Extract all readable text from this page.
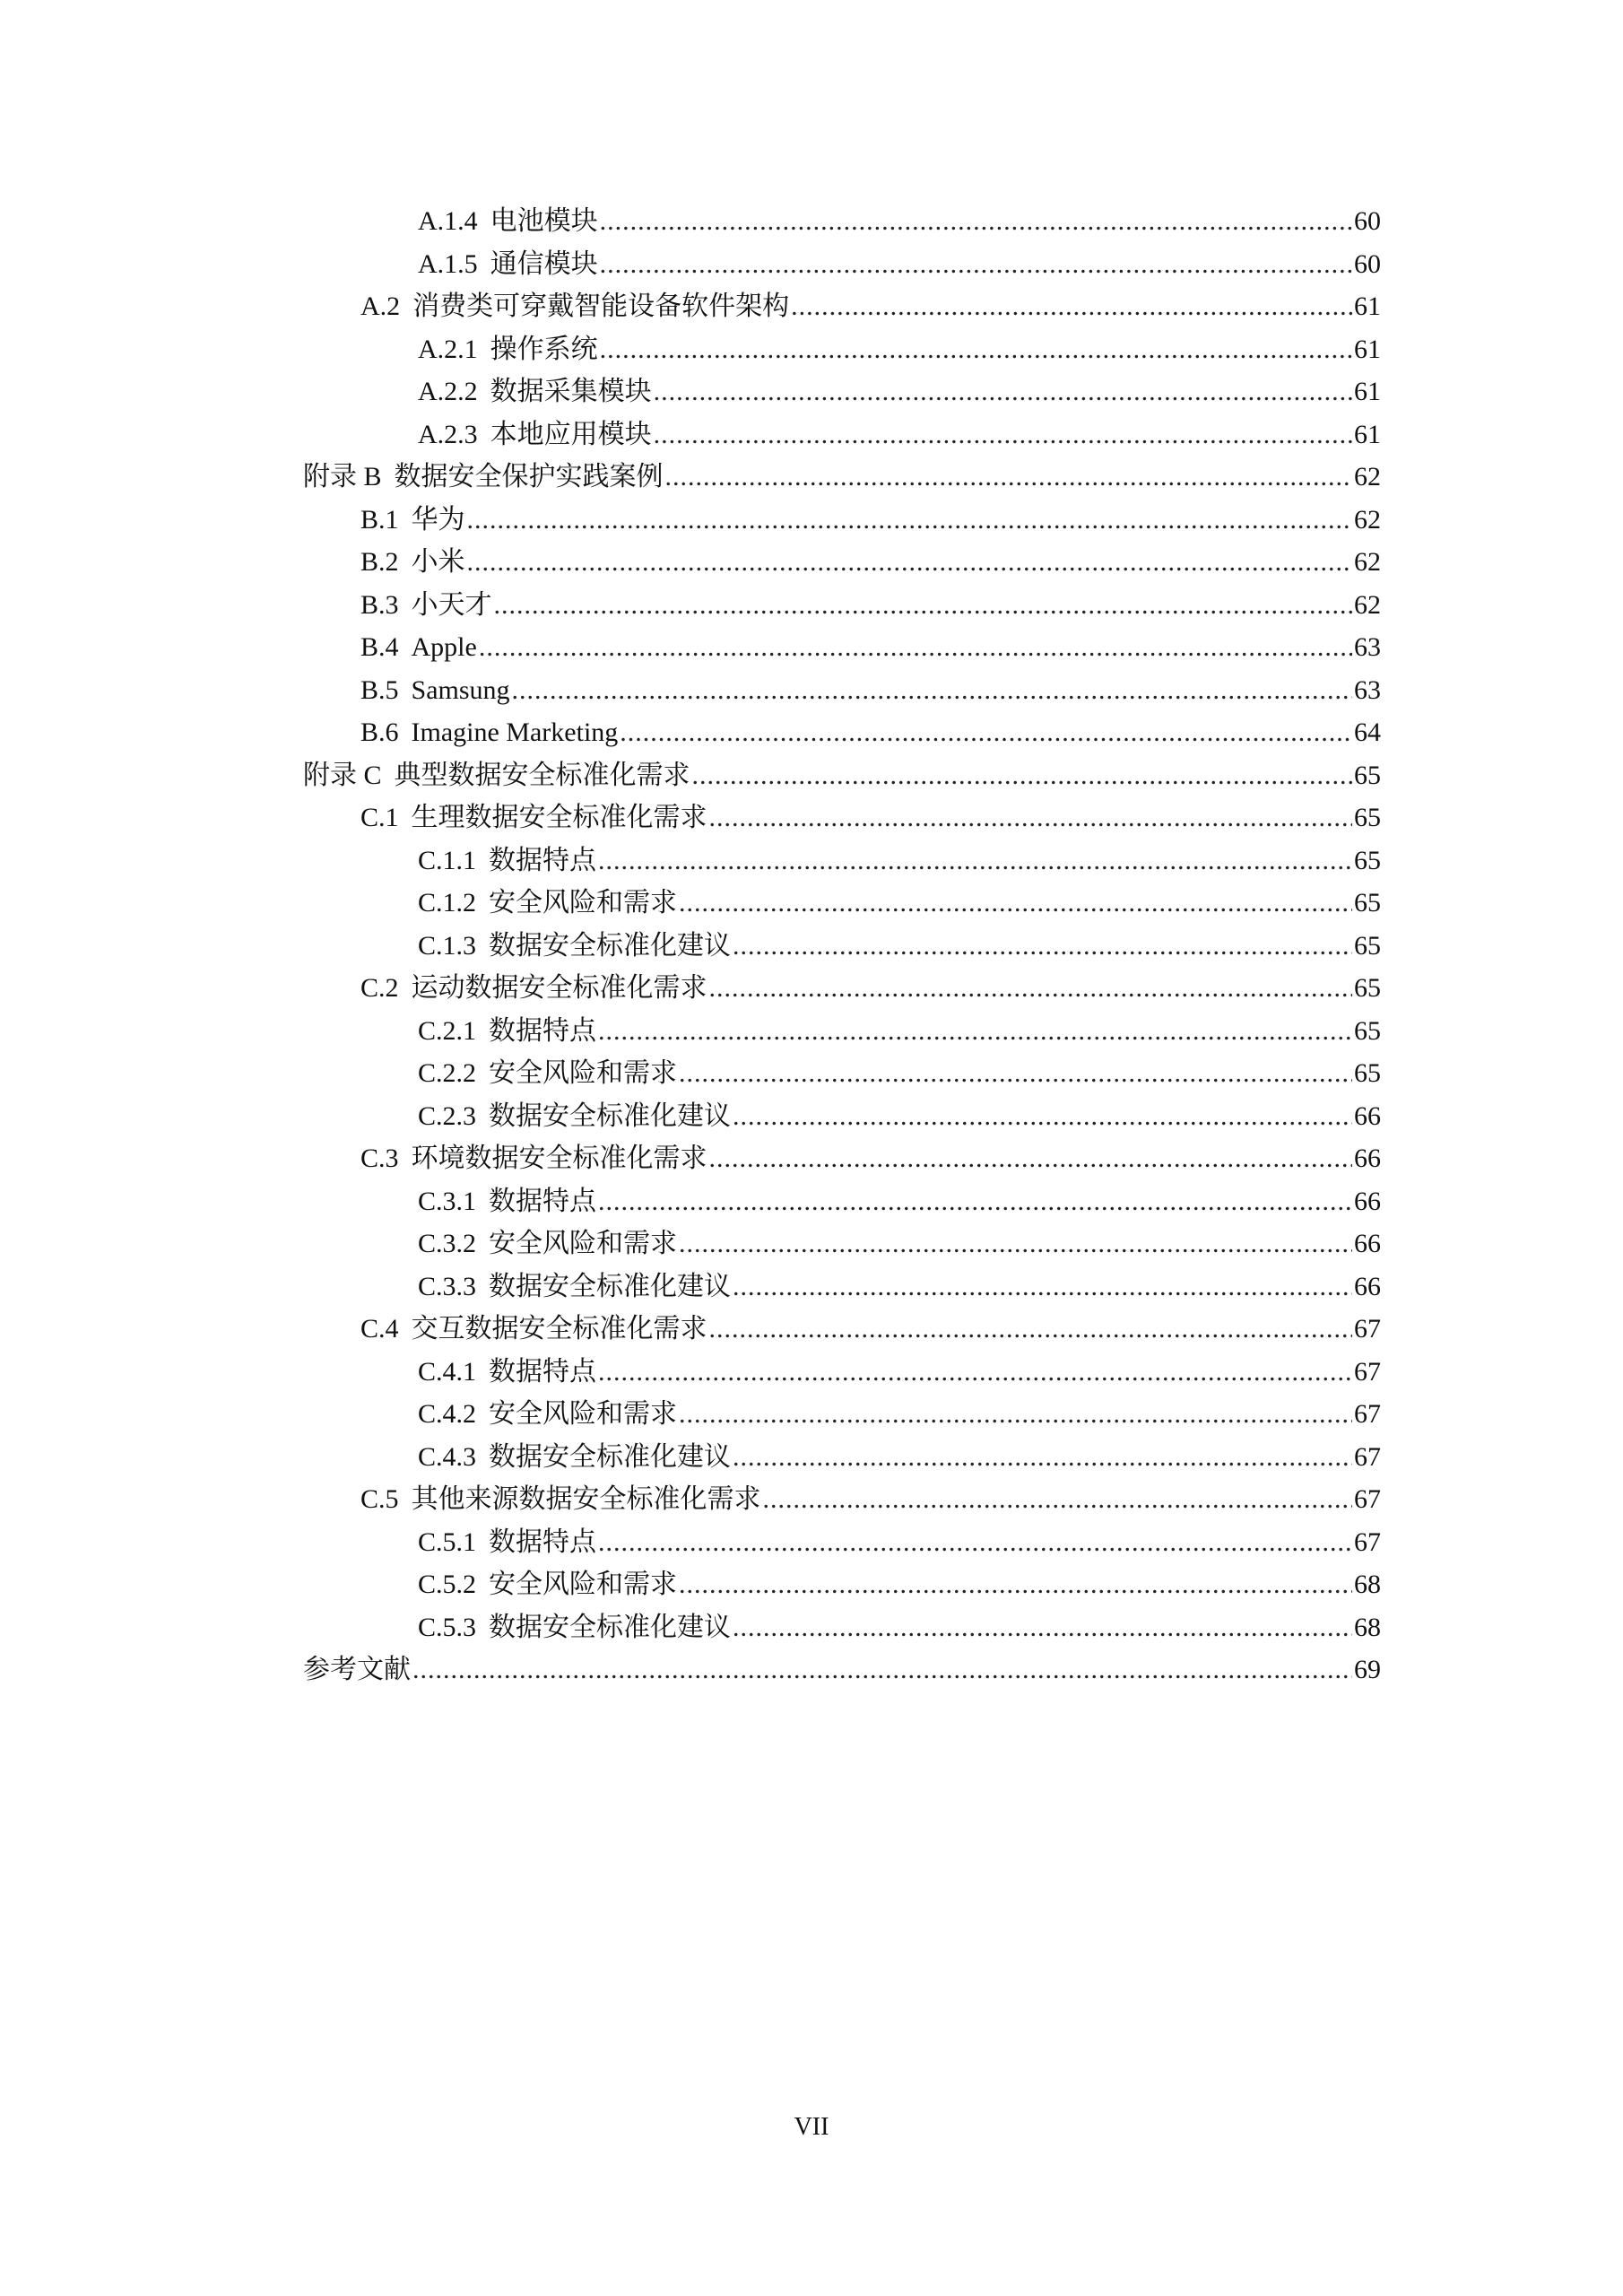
A.1.4 电池模块 .....	60
A.1.5 通信模块 .....	60
A.2 消费类可穿戴智能设备软件架构 .....	61
A.2.1 操作系统 .....	61
A.2.2 数据采集模块 .....	61
A.2.3 本地应用模块 .....	61
附录 B 数据安全保护实践案例 .....	62
B.1 华为 .....	62
B.2 小米 .....	62
B.3 小天才 .....	62
B.4 Apple .....	63
B.5 Samsung .....	63
B.6 Imagine Marketing .....	64
附录 C 典型数据安全标准化需求 .....	65
C.1 生理数据安全标准化需求 .....	65
C.1.1 数据特点 .....	65
C.1.2 安全风险和需求 .....	65
C.1.3 数据安全标准化建议 .....	65
C.2 运动数据安全标准化需求 .....	65
C.2.1 数据特点 .....	65
C.2.2 安全风险和需求 .....	65
C.2.3 数据安全标准化建议 .....	66
C.3 环境数据安全标准化需求 .....	66
C.3.1 数据特点 .....	66
C.3.2 安全风险和需求 .....	66
C.3.3 数据安全标准化建议 .....	66
C.4 交互数据安全标准化需求 .....	67
C.4.1 数据特点 .....	67
C.4.2 安全风险和需求 .....	67
C.4.3 数据安全标准化建议 .....	67
C.5 其他来源数据安全标准化需求 .....	67
C.5.1 数据特点 .....	67
C.5.2 安全风险和需求 .....	68
C.5.3 数据安全标准化建议 .....	68
参考文献 .....	69
VII
